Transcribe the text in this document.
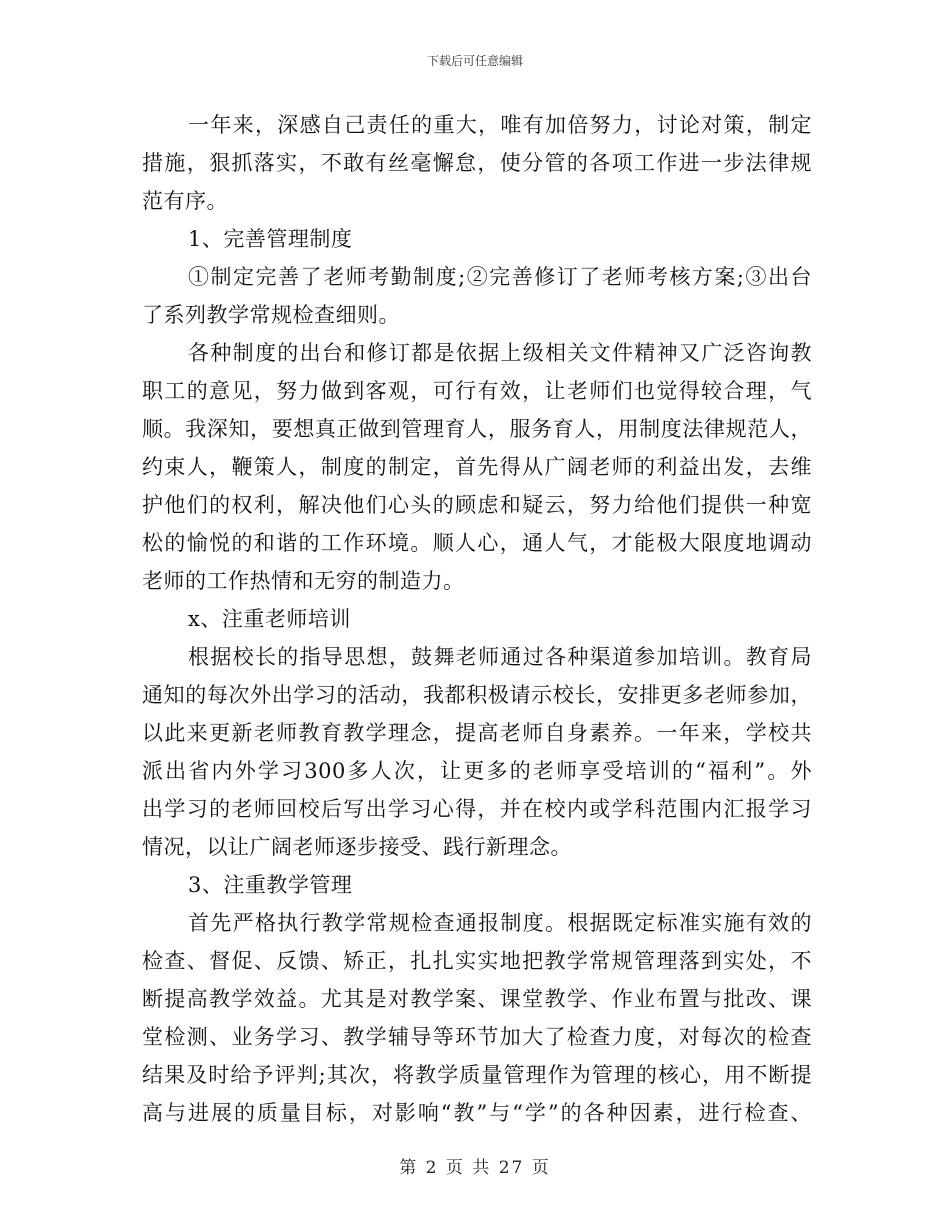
下载后可任意编辑
一年来，深感自己责任的重大，唯有加倍努力，讨论对策，制定
措施，狠抓落实，不敢有丝毫懈怠，使分管的各项工作进一步法律规
范有序。
1、完善管理制度
①制定完善了老师考勤制度;②完善修订了老师考核方案;③出台
了系列教学常规检查细则。
各种制度的出台和修订都是依据上级相关文件精神又广泛咨询教
职工的意见，努力做到客观，可行有效，让老师们也觉得较合理，气
顺。我深知，要想真正做到管理育人，服务育人，用制度法律规范人，
约束人，鞭策人，制度的制定，首先得从广阔老师的利益出发，去维
护他们的权利，解决他们心头的顾虑和疑云，努力给他们提供一种宽
松的愉悦的和谐的工作环境。顺人心，通人气，才能极大限度地调动
老师的工作热情和无穷的制造力。
x、注重老师培训
根据校长的指导思想，鼓舞老师通过各种渠道参加培训。教育局
通知的每次外出学习的活动，我都积极请示校长，安排更多老师参加，
以此来更新老师教育教学理念，提高老师自身素养。一年来，学校共
派出省内外学习300多人次，让更多的老师享受培训的“福利”。外
出学习的老师回校后写出学习心得，并在校内或学科范围内汇报学习
情况，以让广阔老师逐步接受、践行新理念。
3、注重教学管理
首先严格执行教学常规检查通报制度。根据既定标准实施有效的
检查、督促、反馈、矫正，扎扎实实地把教学常规管理落到实处，不
断提高教学效益。尤其是对教学案、课堂教学、作业布置与批改、课
堂检测、业务学习、教学辅导等环节加大了检查力度，对每次的检查
结果及时给予评判;其次，将教学质量管理作为管理的核心，用不断提
高与进展的质量目标，对影响“教”与“学”的各种因素，进行检查、
第 2 页 共 27 页
